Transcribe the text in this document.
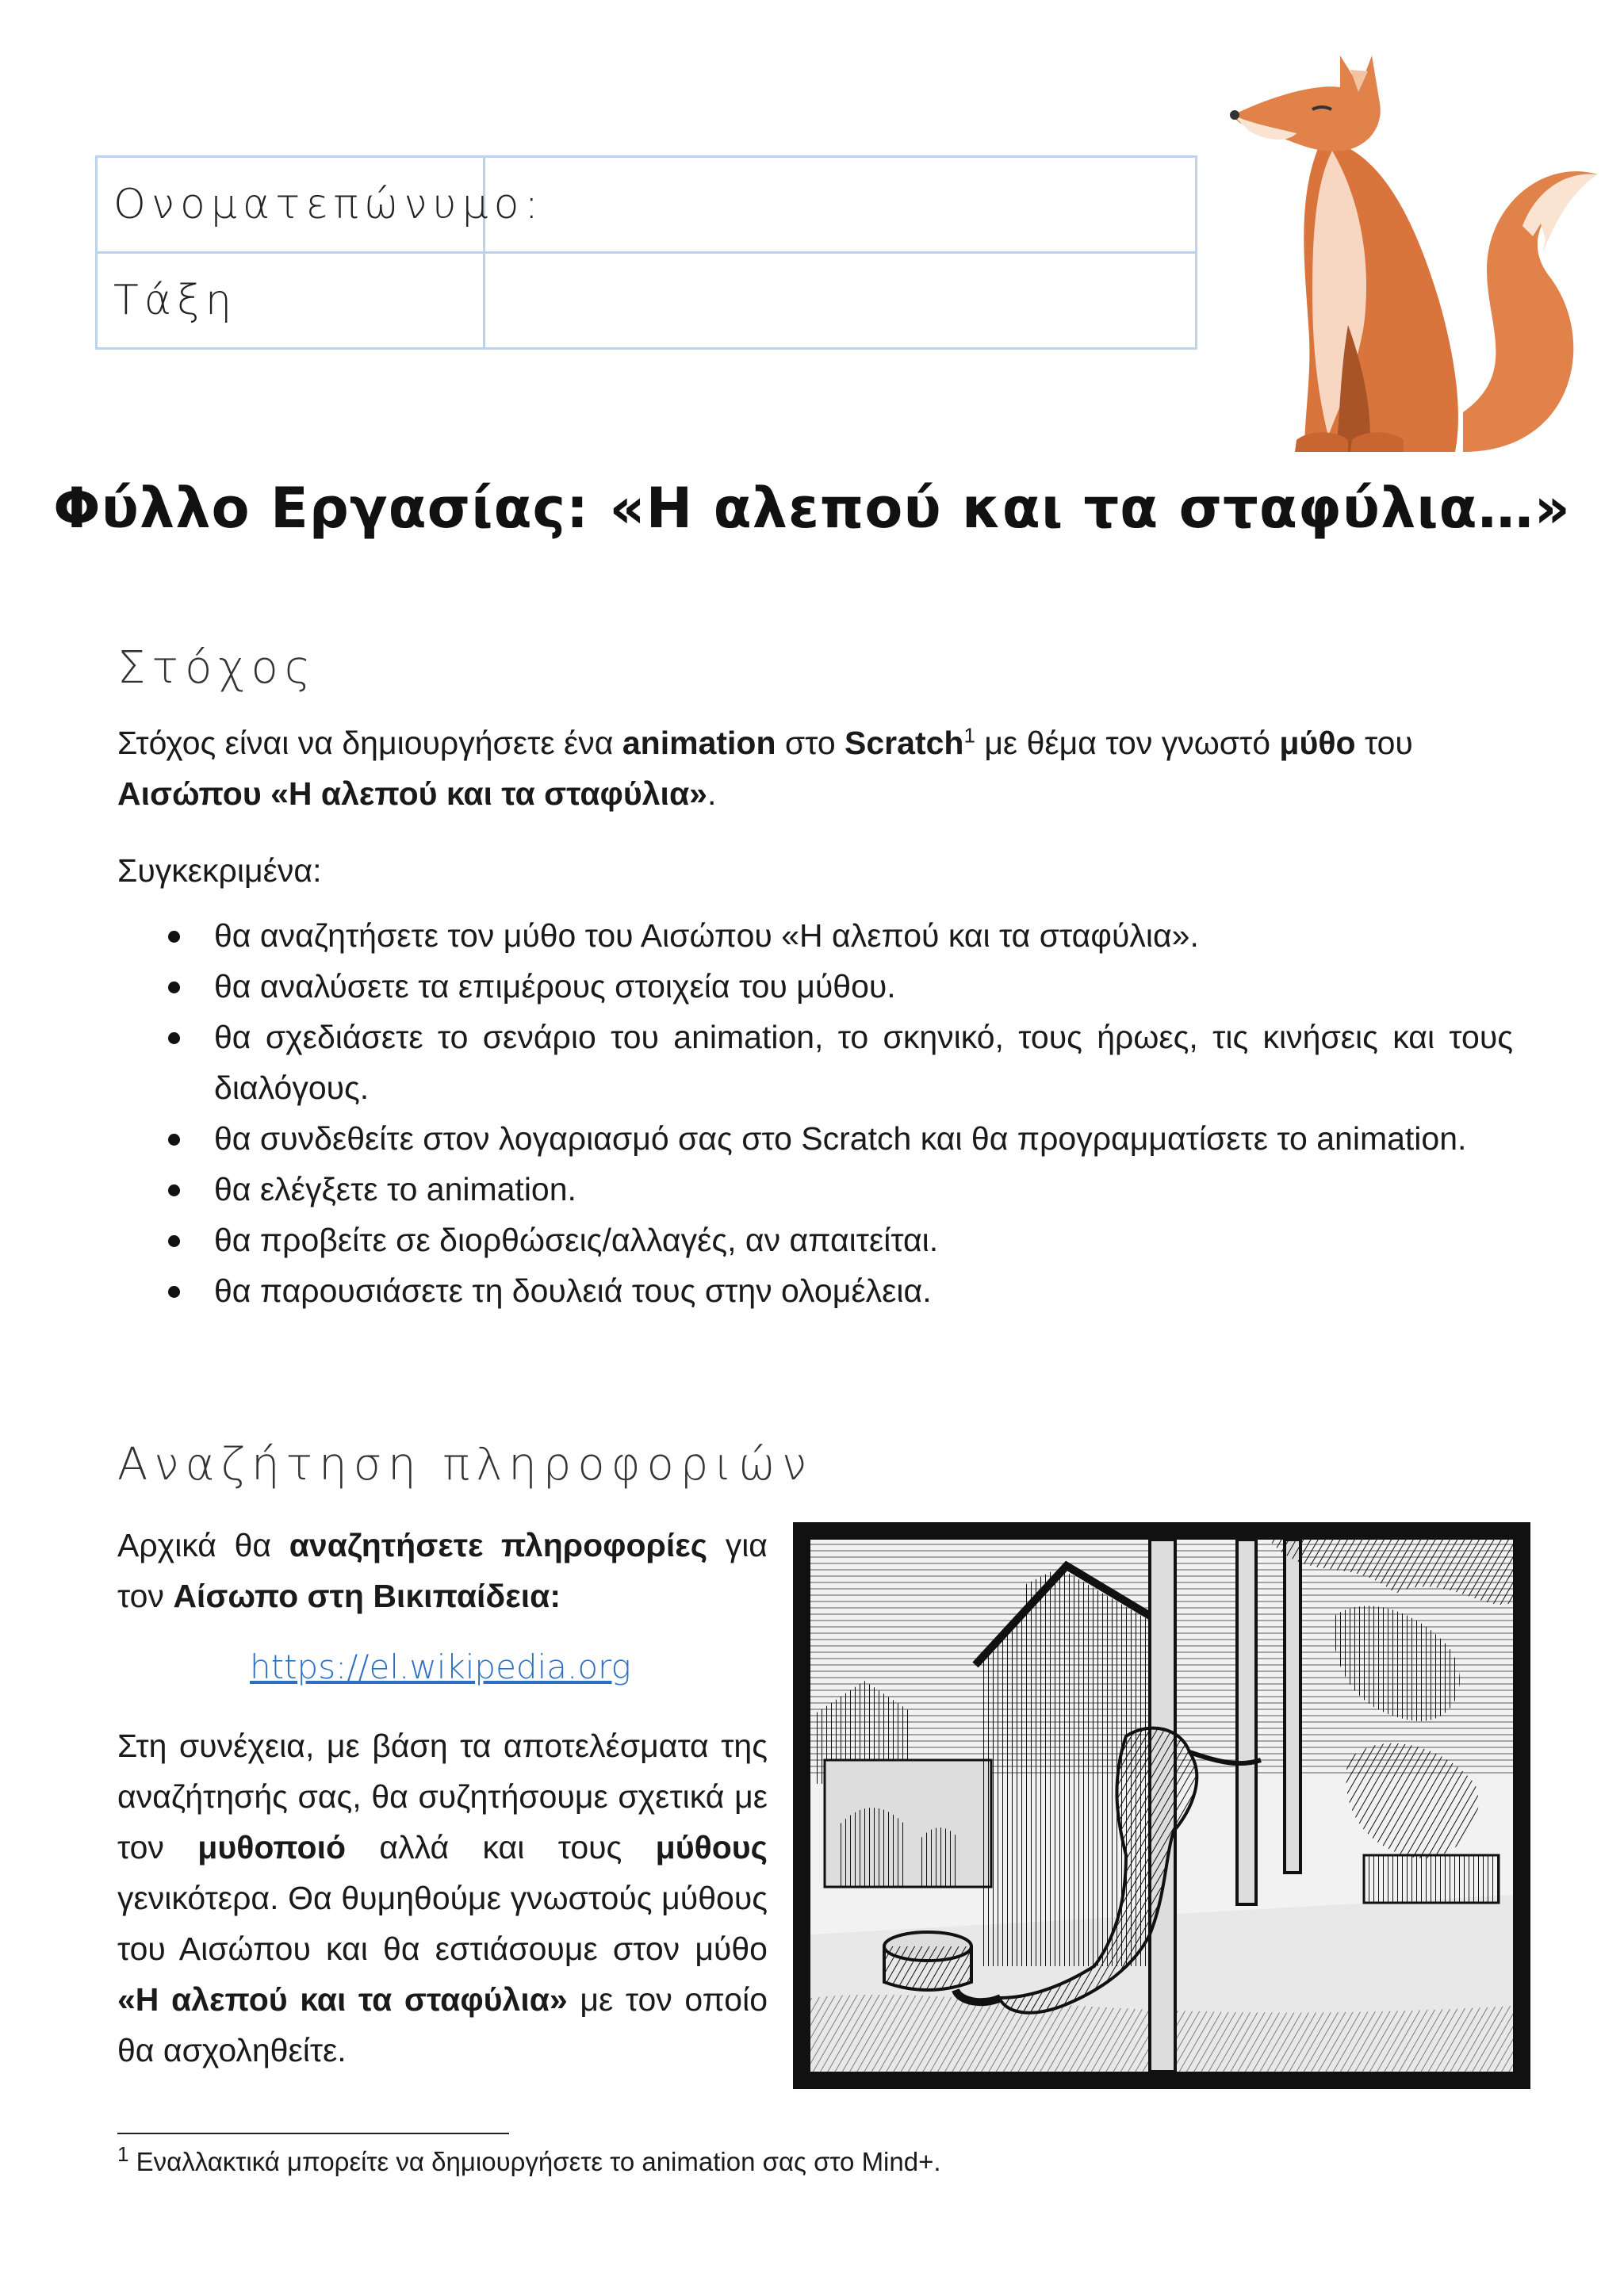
Ονοματεπώνυμο:	
Τάξη	
Φύλλο Εργασίας: «Η αλεπού και τα σταφύλια…»
Στόχος

Στόχος είναι να δημιουργήσετε ένα animation στο Scratch$^1$ με θέμα τον γνωστό μύθο του
Αισώπου «Η αλεπού και τα σταφύλια».

Συγκεκριμένα:

θα αναζητήσετε τον μύθο του Αισώπου «Η αλεπού και τα σταφύλια».
θα αναλύσετε τα επιμέρους στοιχεία του μύθου.
θα σχεδιάσετε το σενάριο του animation, το σκηνικό, τους ήρωες, τις κινήσεις και τους διαλόγους.
θα συνδεθείτε στον λογαριασμό σας στο Scratch και θα προγραμματίσετε το animation.
θα ελέγξετε το animation.
θα προβείτε σε διορθώσεις/αλλαγές, αν απαιτείται.
θα παρουσιάσετε τη δουλειά τους στην ολομέλεια.
Αναζήτηση πληροφοριών

Αρχικά θα αναζητήσετε πληροφορίες για τον Αίσωπο στη Βικιπαίδεια:

https://el.wikipedia.org

Στη συνέχεια, με βάση τα αποτελέσματα της αναζήτησής σας, θα συζητήσουμε σχετικά με τον μυθοποιό αλλά και τους μύθους γενικότερα. Θα θυμηθούμε γνωστούς μύθους του Αισώπου και θα εστιάσουμε στον μύθο «Η αλεπού και τα σταφύλια» με τον οποίο θα ασχοληθείτε.

$^1$ Εναλλακτικά μπορείτε να δημιουργήσετε το animation σας στο Mind+.
